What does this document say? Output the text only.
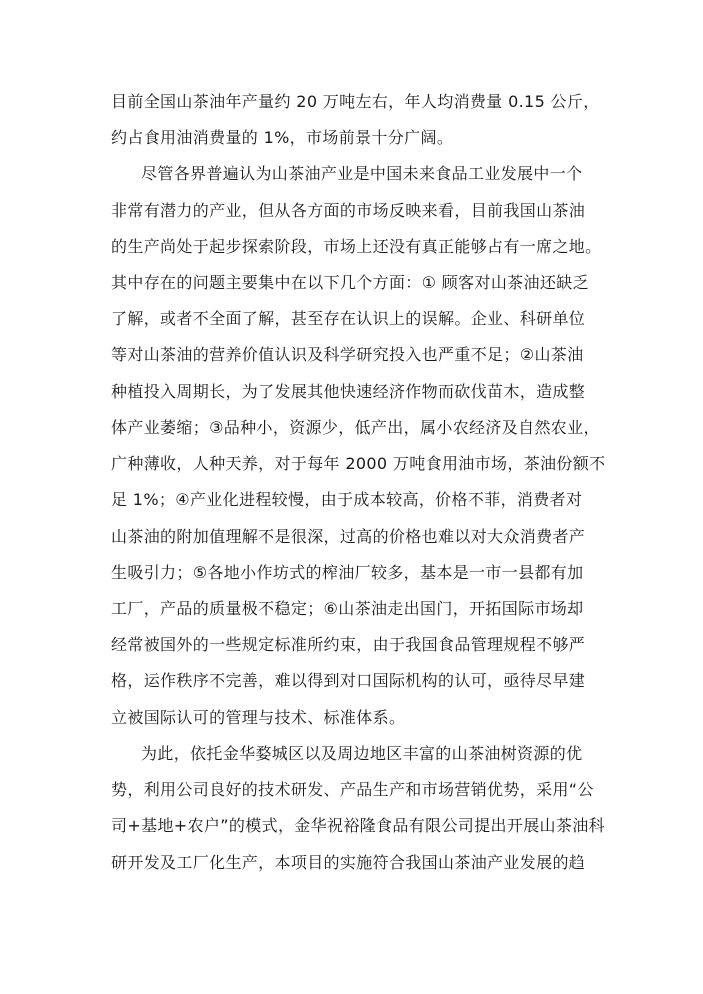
目前全国山茶油年产量约 20 万吨左右，年人均消费量 0.15 公斤，
约占食用油消费量的 1%，市场前景十分广阔。
尽管各界普遍认为山茶油产业是中国未来食品工业发展中一个
非常有潜力的产业，但从各方面的市场反映来看，目前我国山茶油
的生产尚处于起步探索阶段，市场上还没有真正能够占有一席之地。
其中存在的问题主要集中在以下几个方面：① 顾客对山茶油还缺乏
了解，或者不全面了解，甚至存在认识上的误解。企业、科研单位
等对山茶油的营养价值认识及科学研究投入也严重不足；②山茶油
种植投入周期长，为了发展其他快速经济作物而砍伐苗木，造成整
体产业萎缩；③品种小，资源少，低产出，属小农经济及自然农业，
广种薄收，人种天养，对于每年 2000 万吨食用油市场，茶油份额不
足 1%；④产业化进程较慢，由于成本较高，价格不菲，消费者对
山茶油的附加值理解不是很深，过高的价格也难以对大众消费者产
生吸引力；⑤各地小作坊式的榨油厂较多，基本是一市一县都有加
工厂，产品的质量极不稳定；⑥山茶油走出国门，开拓国际市场却
经常被国外的一些规定标准所约束，由于我国食品管理规程不够严
格，运作秩序不完善，难以得到对口国际机构的认可，亟待尽早建
立被国际认可的管理与技术、标准体系。
为此，依托金华婺城区以及周边地区丰富的山茶油树资源的优
势，利用公司良好的技术研发、产品生产和市场营销优势，采用“公
司+基地+农户”的模式，金华祝裕隆食品有限公司提出开展山茶油科
研开发及工厂化生产，本项目的实施符合我国山茶油产业发展的趋
